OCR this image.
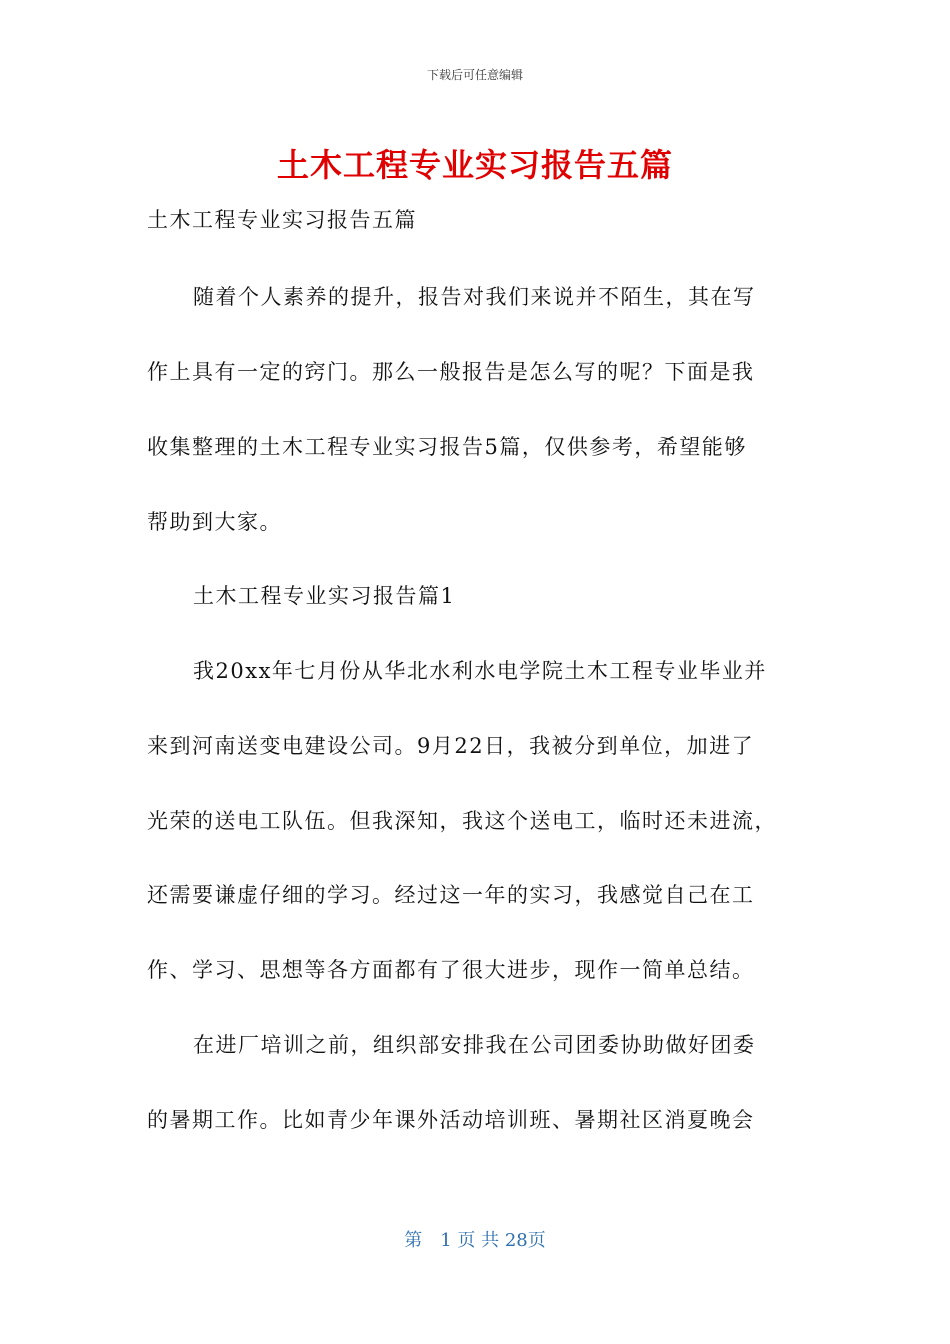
下载后可任意编辑
土木工程专业实习报告五篇
土木工程专业实习报告五篇
随着个人素养的提升，报告对我们来说并不陌生，其在写
作上具有一定的窍门。那么一般报告是怎么写的呢？下面是我
收集整理的土木工程专业实习报告5篇，仅供参考，希望能够
帮助到大家。
土木工程专业实习报告篇1
我20xx年七月份从华北水利水电学院土木工程专业毕业并
来到河南送变电建设公司。9月22日，我被分到单位，加进了
光荣的送电工队伍。但我深知，我这个送电工，临时还未进流，
还需要谦虚仔细的学习。经过这一年的实习，我感觉自己在工
作、学习、思想等各方面都有了很大进步，现作一简单总结。
在进厂培训之前，组织部安排我在公司团委协助做好团委
的暑期工作。比如青少年课外活动培训班、暑期社区消夏晚会
第　1 页 共 28页
